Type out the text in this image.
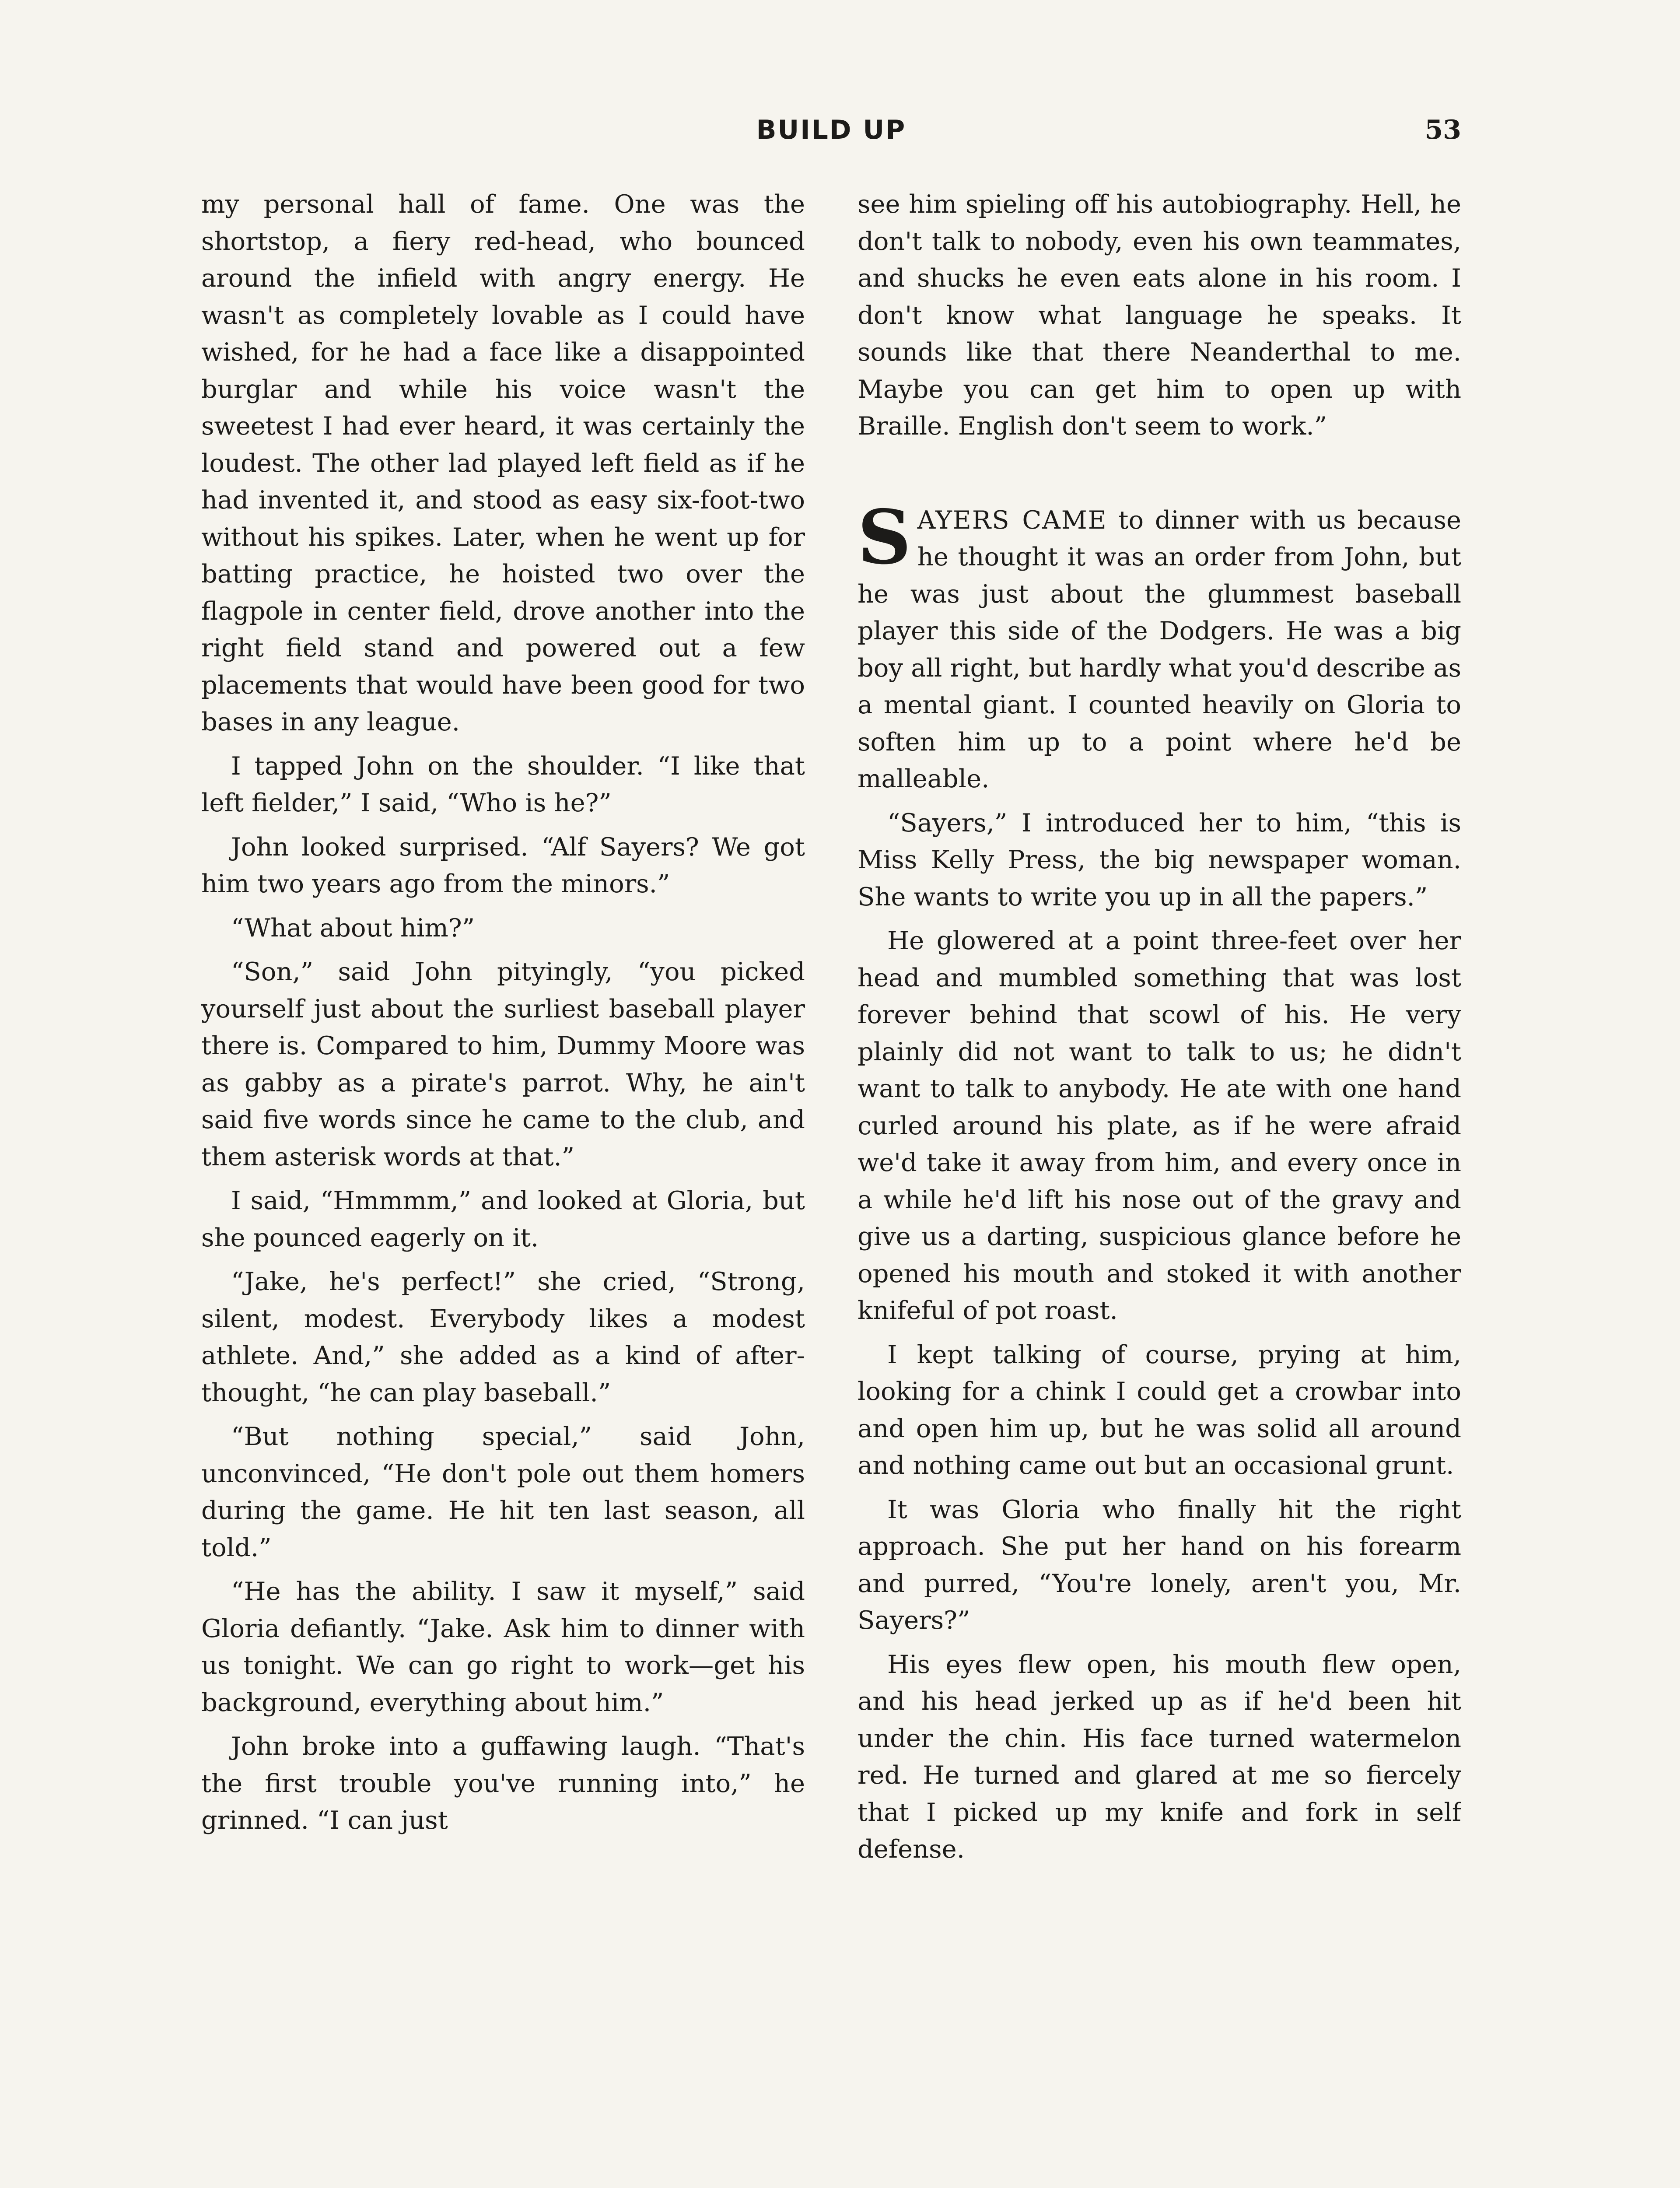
BUILD UP	53

my personal hall of fame. One was the shortstop, a fiery red-head, who bounced around the infield with angry energy. He wasn't as completely lovable as I could have wished, for he had a face like a disappointed burglar and while his voice wasn't the sweetest I had ever heard, it was certainly the loudest. The other lad played left field as if he had invented it, and stood as easy six-foot-two without his spikes. Later, when he went up for batting practice, he hoisted two over the flagpole in center field, drove another into the right field stand and powered out a few placements that would have been good for two bases in any league.

I tapped John on the shoulder. “I like that left fielder,” I said, “Who is he?”

John looked surprised. “Alf Sayers? We got him two years ago from the minors.”

“What about him?”

“Son,” said John pityingly, “you picked yourself just about the surliest baseball player there is. Compared to him, Dummy Moore was as gabby as a pirate's parrot. Why, he ain't said five words since he came to the club, and them asterisk words at that.”

I said, “Hmmmm,” and looked at Gloria, but she pounced eagerly on it.

“Jake, he's perfect!” she cried, “Strong, silent, modest. Everybody likes a modest athlete. And,” she added as a kind of after-thought, “he can play baseball.”

“But nothing special,” said John, unconvinced, “He don't pole out them homers during the game. He hit ten last season, all told.”

“He has the ability. I saw it myself,” said Gloria defiantly. “Jake. Ask him to dinner with us tonight. We can go right to work—get his background, everything about him.”

John broke into a guffawing laugh. “That's the first trouble you've running into,” he grinned. “I can just

see him spieling off his autobiography. Hell, he don't talk to nobody, even his own teammates, and shucks he even eats alone in his room. I don't know what language he speaks. It sounds like that there Neanderthal to me. Maybe you can get him to open up with Braille. English don't seem to work.”

SAYERS CAME to dinner with us because he thought it was an order from John, but he was just about the glummest baseball player this side of the Dodgers. He was a big boy all right, but hardly what you'd describe as a mental giant. I counted heavily on Gloria to soften him up to a point where he'd be malleable.

“Sayers,” I introduced her to him, “this is Miss Kelly Press, the big newspaper woman. She wants to write you up in all the papers.”

He glowered at a point three-feet over her head and mumbled something that was lost forever behind that scowl of his. He very plainly did not want to talk to us; he didn't want to talk to anybody. He ate with one hand curled around his plate, as if he were afraid we'd take it away from him, and every once in a while he'd lift his nose out of the gravy and give us a darting, suspicious glance before he opened his mouth and stoked it with another knifeful of pot roast.

I kept talking of course, prying at him, looking for a chink I could get a crowbar into and open him up, but he was solid all around and nothing came out but an occasional grunt.

It was Gloria who finally hit the right approach. She put her hand on his forearm and purred, “You're lonely, aren't you, Mr. Sayers?”

His eyes flew open, his mouth flew open, and his head jerked up as if he'd been hit under the chin. His face turned watermelon red. He turned and glared at me so fiercely that I picked up my knife and fork in self defense.
